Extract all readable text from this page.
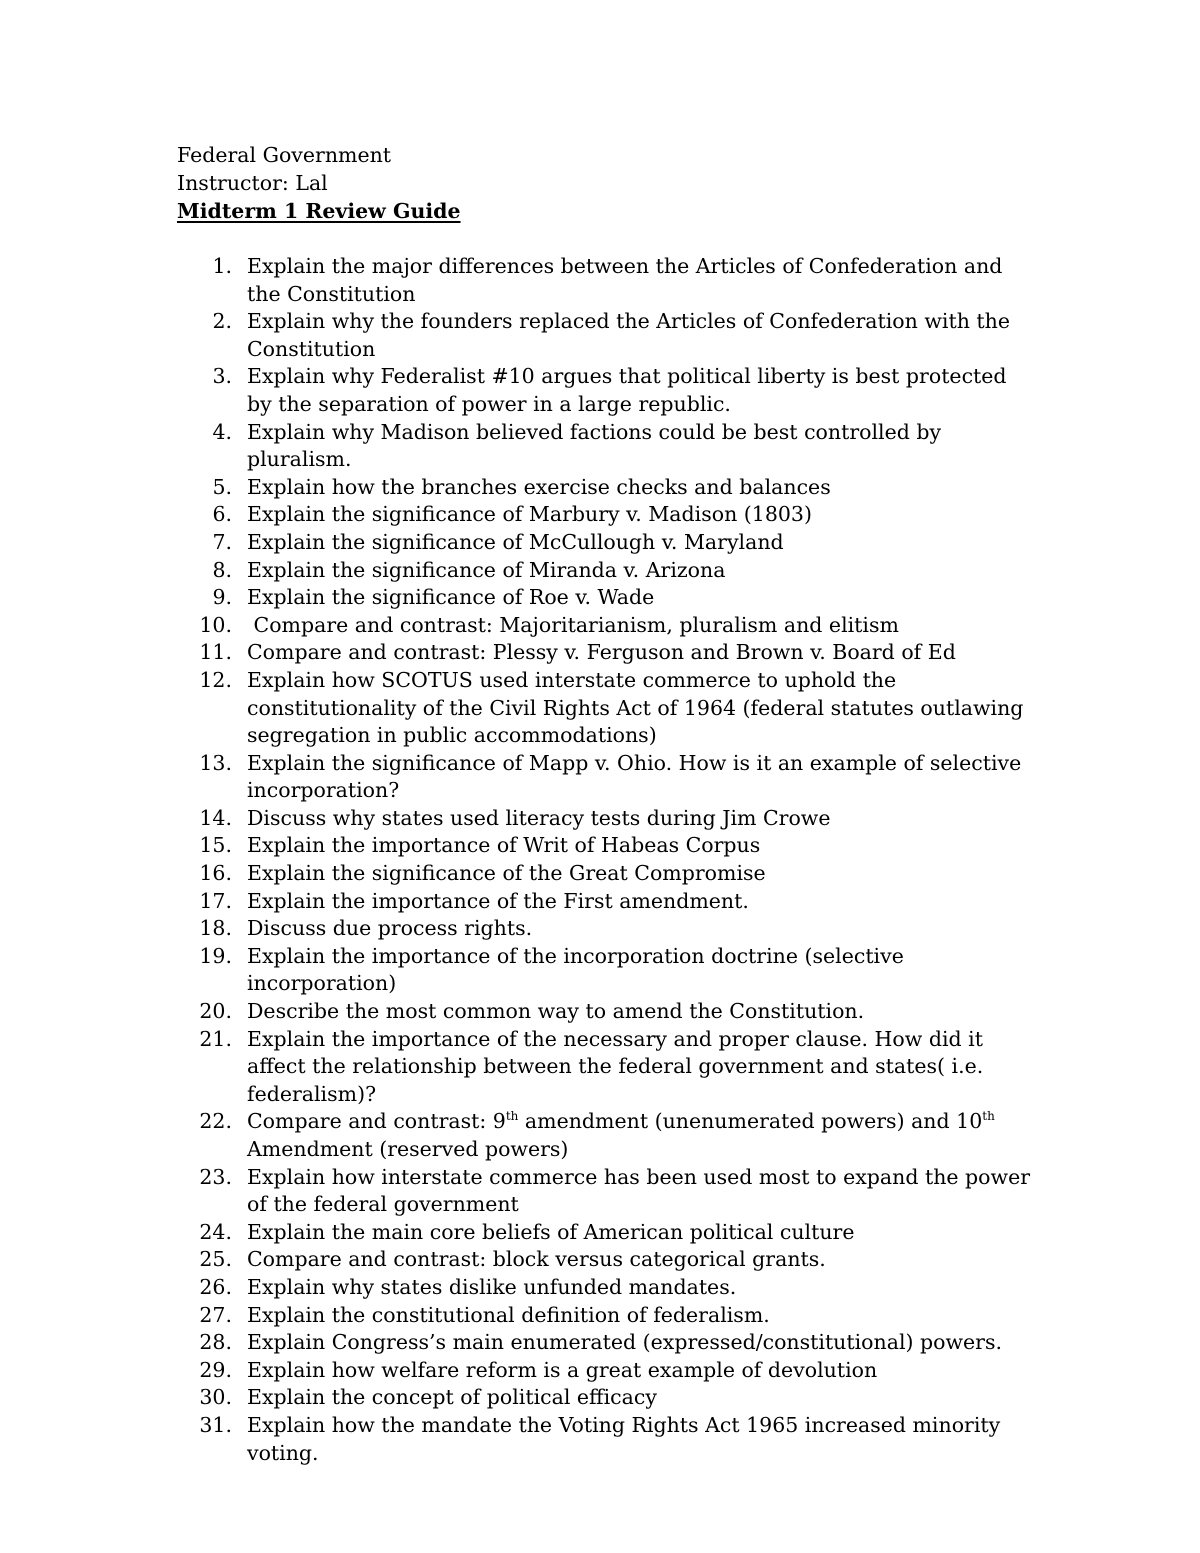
Federal Government
Instructor: Lal
Midterm 1 Review Guide
1. Explain the major differences between the Articles of Confederation and the Constitution
2. Explain why the founders replaced the Articles of Confederation with the Constitution
3. Explain why Federalist #10 argues that political liberty is best protected by the separation of power in a large republic.
4. Explain why Madison believed factions could be best controlled by pluralism.
5. Explain how the branches exercise checks and balances
6. Explain the significance of Marbury v. Madison (1803)
7. Explain the significance of McCullough v. Maryland
8. Explain the significance of Miranda v. Arizona
9. Explain the significance of Roe v. Wade
10. Compare and contrast: Majoritarianism, pluralism and elitism
11. Compare and contrast: Plessy v. Ferguson and Brown v. Board of Ed
12. Explain how SCOTUS used interstate commerce to uphold the constitutionality of the Civil Rights Act of 1964 (federal statutes outlawing segregation in public accommodations)
13. Explain the significance of Mapp v. Ohio. How is it an example of selective incorporation?
14. Discuss why states used literacy tests during Jim Crowe
15. Explain the importance of Writ of Habeas Corpus
16. Explain the significance of the Great Compromise
17. Explain the importance of the First amendment.
18. Discuss due process rights.
19. Explain the importance of the incorporation doctrine (selective incorporation)
20. Describe the most common way to amend the Constitution.
21. Explain the importance of the necessary and proper clause. How did it affect the relationship between the federal government and states( i.e. federalism)?
22. Compare and contrast: 9th amendment (unenumerated powers) and 10th Amendment (reserved powers)
23. Explain how interstate commerce has been used most to expand the power of the federal government
24. Explain the main core beliefs of American political culture
25. Compare and contrast: block versus categorical grants.
26. Explain why states dislike unfunded mandates.
27. Explain the constitutional definition of federalism.
28. Explain Congress’s main enumerated (expressed/constitutional) powers.
29. Explain how welfare reform is a great example of devolution
30. Explain the concept of political efficacy
31. Explain how the mandate the Voting Rights Act 1965 increased minority voting.
